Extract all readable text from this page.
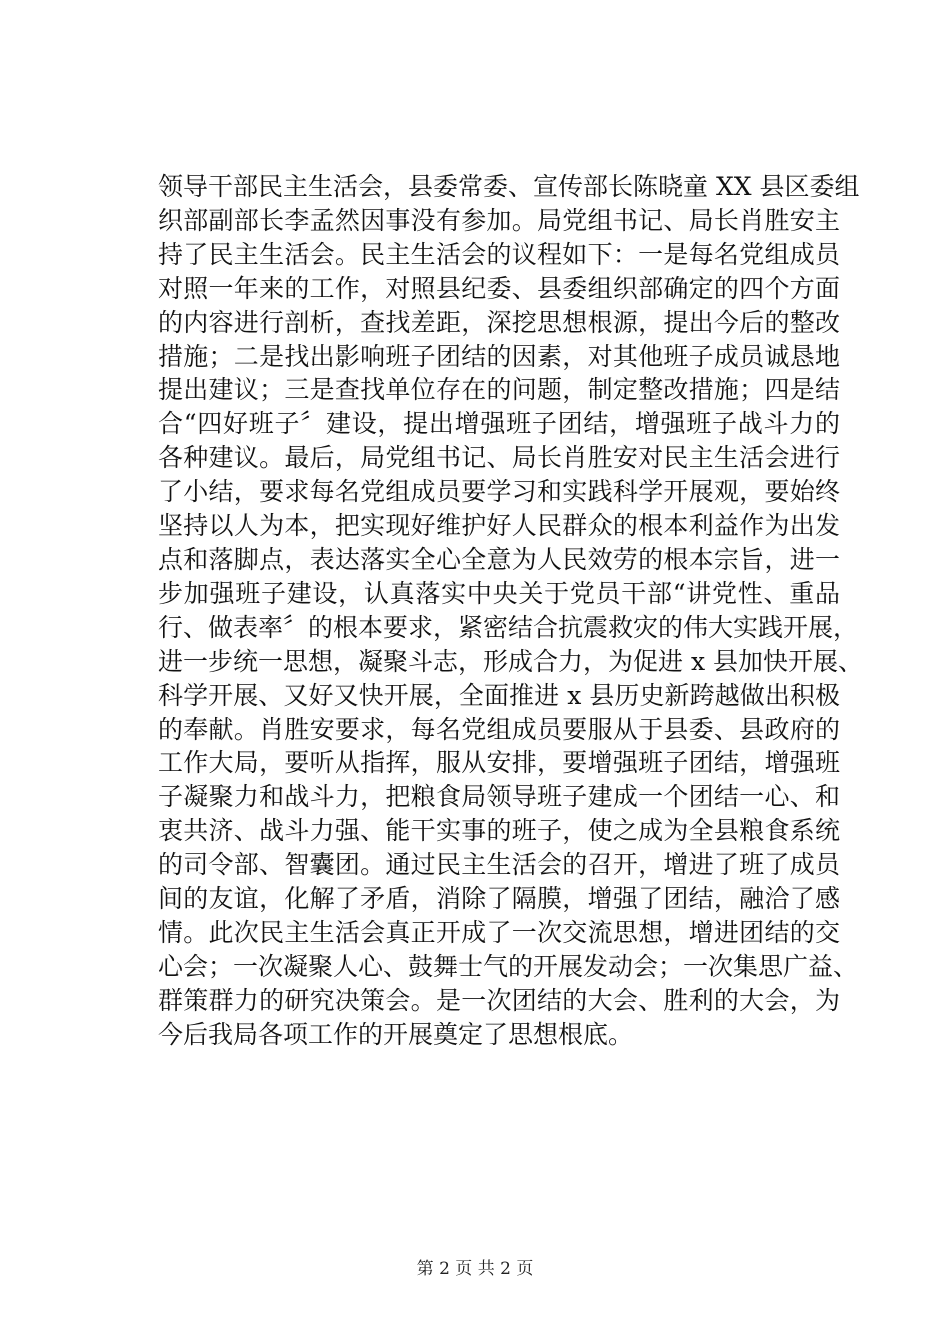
领导干部民主生活会，县委常委、宣传部长陈晓童 XX 县区委组
织部副部长李孟然因事没有参加。局党组书记、局长肖胜安主
持了民主生活会。民主生活会的议程如下：一是每名党组成员
对照一年来的工作，对照县纪委、县委组织部确定的四个方面
的内容进行剖析，查找差距，深挖思想根源，提出今后的整改
措施；二是找出影响班子团结的因素，对其他班子成员诚恳地
提出建议；三是查找单位存在的问题，制定整改措施；四是结
合“四好班子〞建设，提出增强班子团结，增强班子战斗力的
各种建议。最后，局党组书记、局长肖胜安对民主生活会进行
了小结，要求每名党组成员要学习和实践科学开展观，要始终
坚持以人为本，把实现好维护好人民群众的根本利益作为出发
点和落脚点，表达落实全心全意为人民效劳的根本宗旨，进一
步加强班子建设，认真落实中央关于党员干部“讲党性、重品
行、做表率〞的根本要求，紧密结合抗震救灾的伟大实践开展，
进一步统一思想，凝聚斗志，形成合力，为促进 x 县加快开展、
科学开展、又好又快开展，全面推进 x 县历史新跨越做出积极
的奉献。肖胜安要求，每名党组成员要服从于县委、县政府的
工作大局，要听从指挥，服从安排，要增强班子团结，增强班
子凝聚力和战斗力，把粮食局领导班子建成一个团结一心、和
衷共济、战斗力强、能干实事的班子，使之成为全县粮食系统
的司令部、智囊团。通过民主生活会的召开，增进了班了成员
间的友谊，化解了矛盾，消除了隔膜，增强了团结，融洽了感
情。此次民主生活会真正开成了一次交流思想，增进团结的交
心会；一次凝聚人心、鼓舞士气的开展发动会；一次集思广益、
群策群力的研究决策会。是一次团结的大会、胜利的大会，为
今后我局各项工作的开展奠定了思想根底。
第 2 页 共 2 页
